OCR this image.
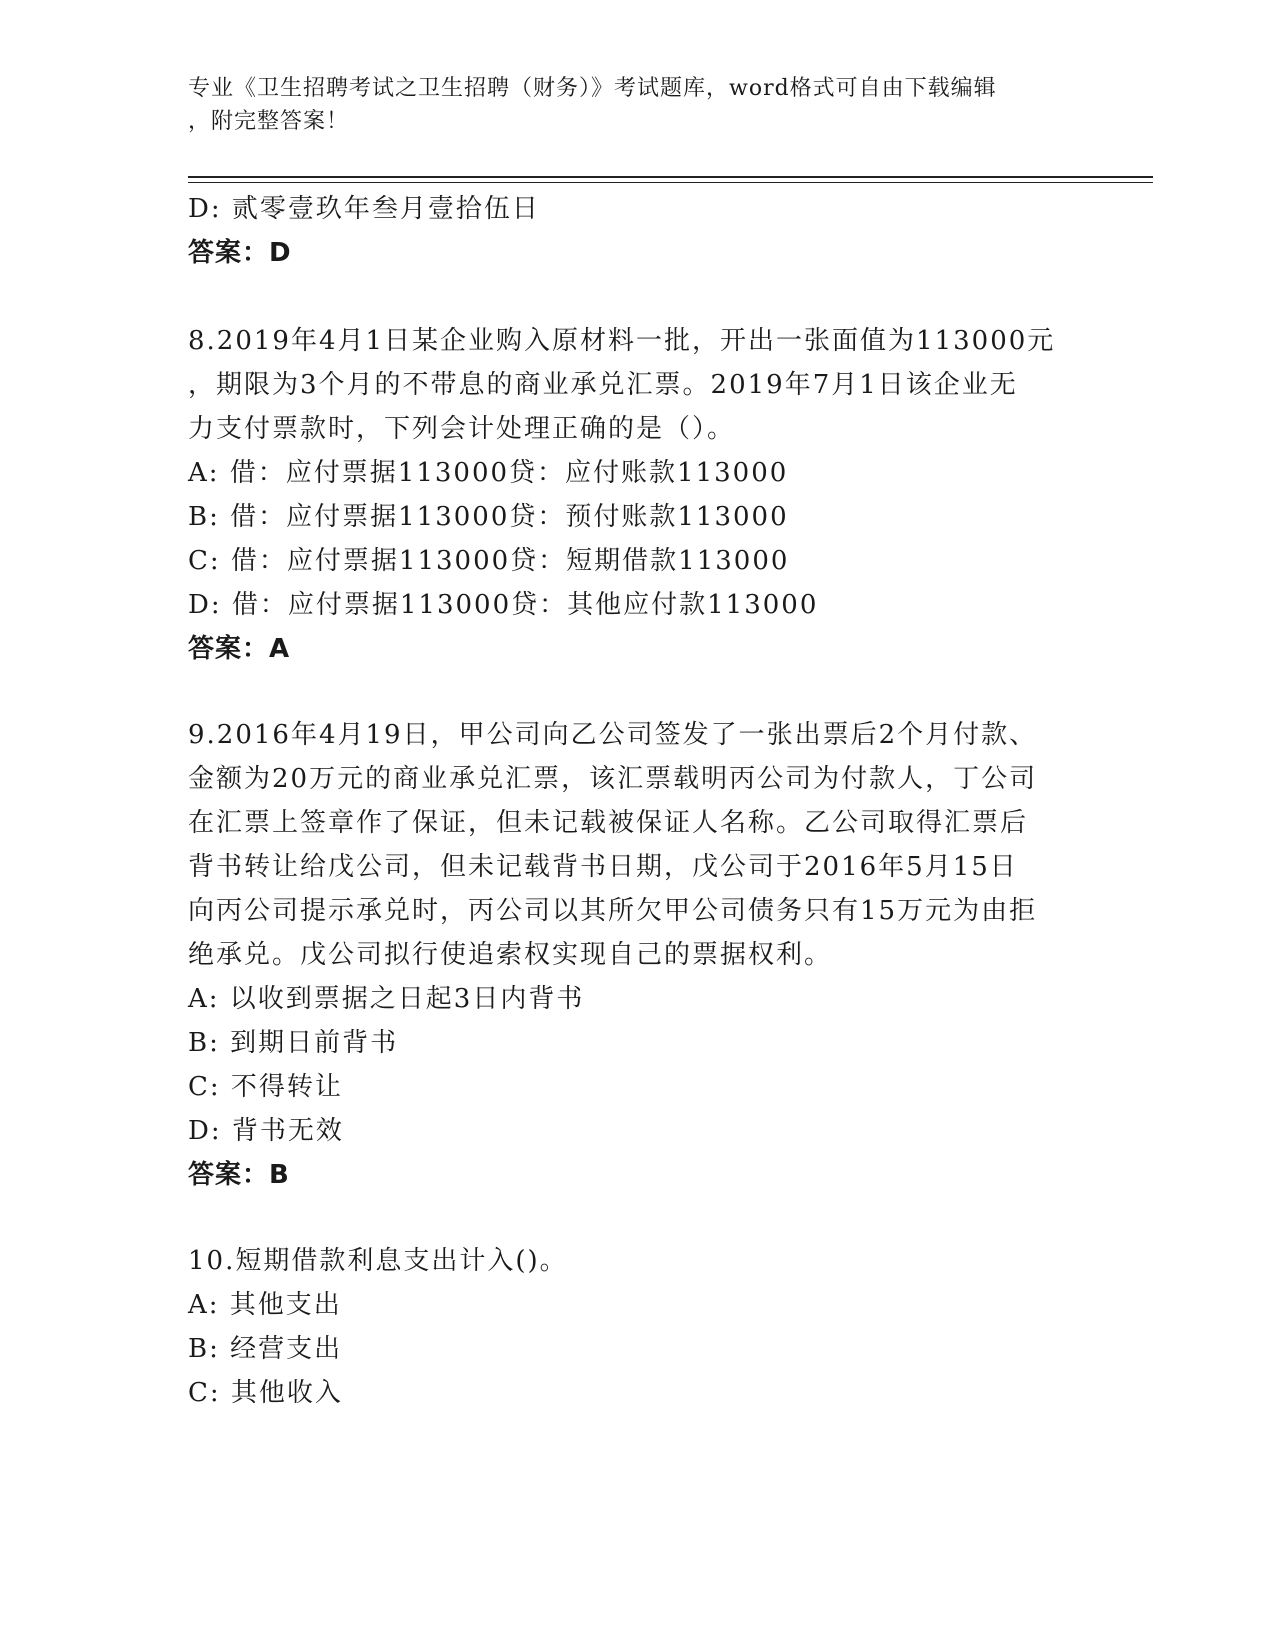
专业《卫生招聘考试之卫生招聘（财务）》考试题库，word格式可自由下载编辑
，附完整答案！
D: 贰零壹玖年叁月壹拾伍日
答案：D
8.2019年4月1日某企业购入原材料一批，开出一张面值为113000元
，期限为3个月的不带息的商业承兑汇票。2019年7月1日该企业无
力支付票款时，下列会计处理正确的是（）。
A: 借：应付票据113000贷：应付账款113000
B: 借：应付票据113000贷：预付账款113000
C: 借：应付票据113000贷：短期借款113000
D: 借：应付票据113000贷：其他应付款113000
答案：A
9.2016年4月19日，甲公司向乙公司签发了一张出票后2个月付款、
金额为20万元的商业承兑汇票，该汇票载明丙公司为付款人，丁公司
在汇票上签章作了保证，但未记载被保证人名称。乙公司取得汇票后
背书转让给戊公司，但未记载背书日期，戊公司于2016年5月15日
向丙公司提示承兑时，丙公司以其所欠甲公司债务只有15万元为由拒
绝承兑。戊公司拟行使追索权实现自己的票据权利。
A: 以收到票据之日起3日内背书
B: 到期日前背书
C: 不得转让
D: 背书无效
答案：B
10.短期借款利息支出计入()。
A: 其他支出
B: 经营支出
C: 其他收入
